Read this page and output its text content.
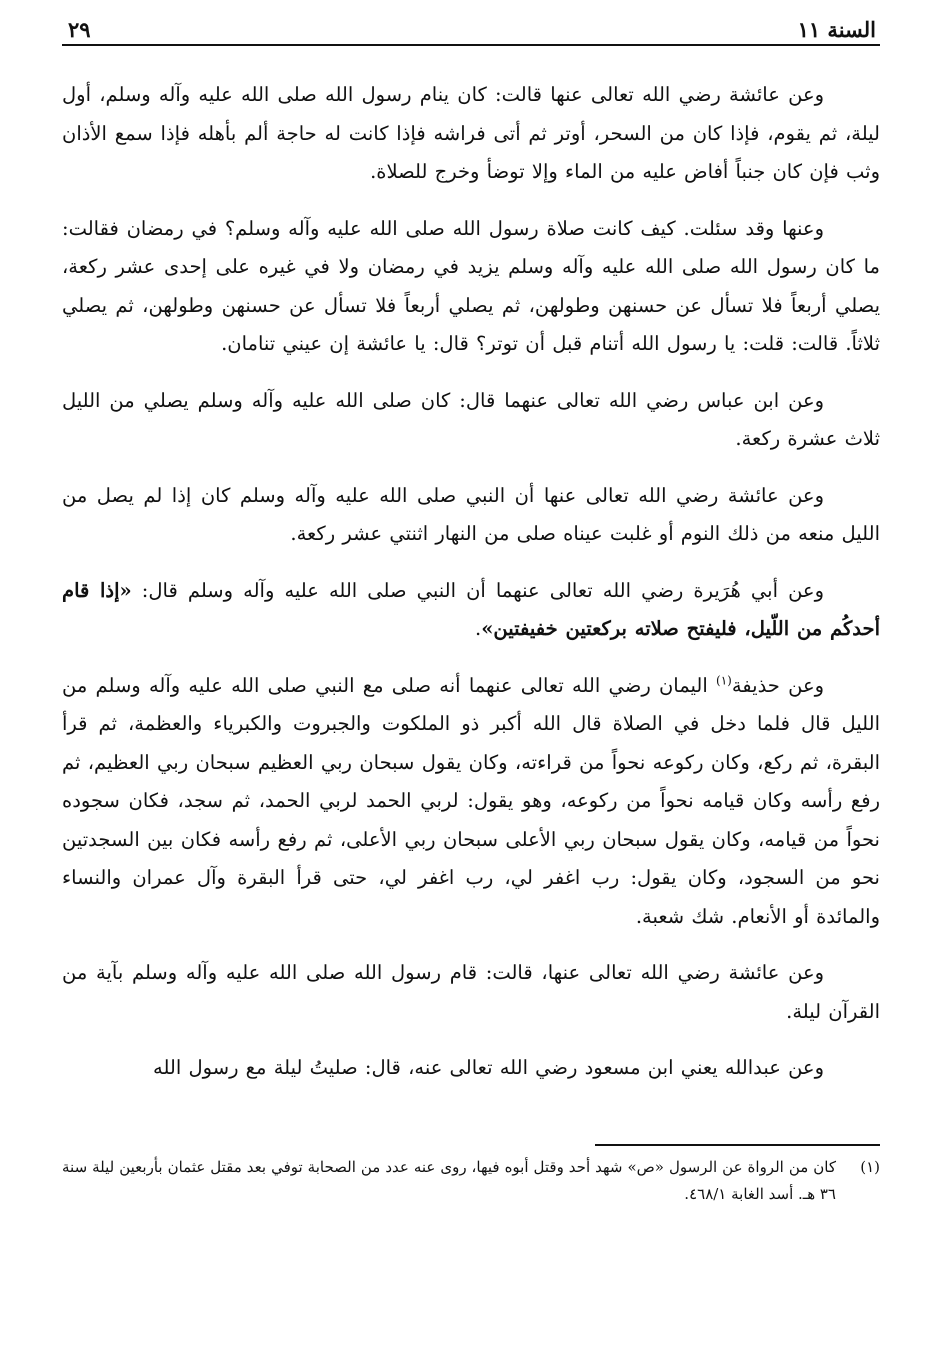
السنة ١١
٢٩

وعن عائشة رضي الله تعالى عنها قالت: كان ينام رسول الله صلى الله عليه وآله وسلم، أول ليلة، ثم يقوم، فإذا كان من السحر، أوتر ثم أتى فراشه فإذا كانت له حاجة ألم بأهله فإذا سمع الأذان وثب فإن كان جنباً أفاض عليه من الماء وإلا توضأ وخرج للصلاة.

وعنها وقد سئلت. كيف كانت صلاة رسول الله صلى الله عليه وآله وسلم؟ في رمضان فقالت: ما كان رسول الله صلى الله عليه وآله وسلم يزيد في رمضان ولا في غيره على إحدى عشر ركعة، يصلي أربعاً فلا تسأل عن حسنهن وطولهن، ثم يصلي أربعاً فلا تسأل عن حسنهن وطولهن، ثم يصلي ثلاثاً. قالت: قلت: يا رسول الله أتنام قبل أن توتر؟ قال: يا عائشة إن عيني تنامان.

وعن ابن عباس رضي الله تعالى عنهما قال: كان صلى الله عليه وآله وسلم يصلي من الليل ثلاث عشرة ركعة.

وعن عائشة رضي الله تعالى عنها أن النبي صلى الله عليه وآله وسلم كان إذا لم يصل من الليل منعه من ذلك النوم أو غلبت عيناه صلى من النهار اثنتي عشر ركعة.

وعن أبي هُرَيرة رضي الله تعالى عنهما أن النبي صلى الله عليه وآله وسلم قال: «إذا قام أحدكُم من اللّيل، فليفتح صلاته بركعتين خفيفتين».

وعن حذيفة$^{(١)}$ اليمان رضي الله تعالى عنهما أنه صلى مع النبي صلى الله عليه وآله وسلم من الليل قال فلما دخل في الصلاة قال الله أكبر ذو الملكوت والجبروت والكبرياء والعظمة، ثم قرأ البقرة، ثم ركع، وكان ركوعه نحواً من قراءته، وكان يقول سبحان ربي العظيم سبحان ربي العظيم، ثم رفع رأسه وكان قيامه نحواً من ركوعه، وهو يقول: لربي الحمد لربي الحمد، ثم سجد، فكان سجوده نحواً من قيامه، وكان يقول سبحان ربي الأعلى سبحان ربي الأعلى، ثم رفع رأسه فكان بين السجدتين نحو من السجود، وكان يقول: رب اغفر لي، رب اغفر لي، حتى قرأ البقرة وآل عمران والنساء والمائدة أو الأنعام. شك شعبة.

وعن عائشة رضي الله تعالى عنها، قالت: قام رسول الله صلى الله عليه وآله وسلم بآية من القرآن ليلة.

وعن عبدالله يعني ابن مسعود رضي الله تعالى عنه، قال: صليتُ ليلة مع رسول الله

(١)
كان من الرواة عن الرسول «ص» شهد أحد وقتل أبوه فيها، روى عنه عدد من الصحابة توفي بعد مقتل عثمان بأربعين ليلة سنة ٣٦ هـ. أسد الغابة ٤٦٨/١.
